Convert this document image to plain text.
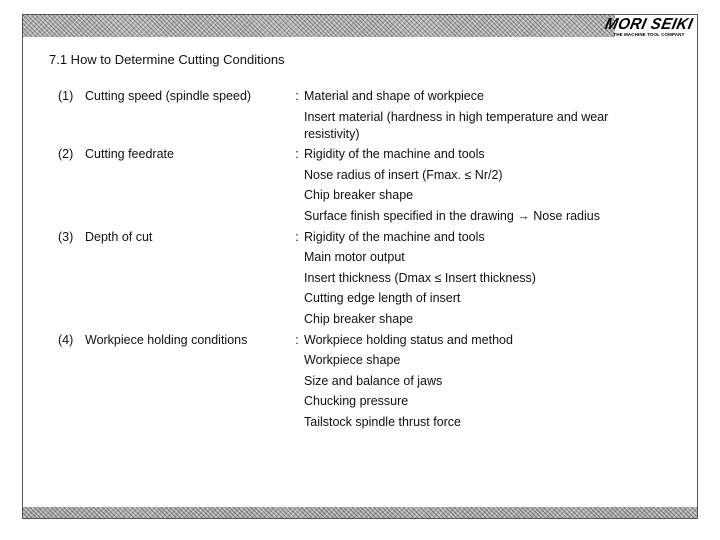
MORI SEIKI
THE MACHINE TOOL COMPANY
7.1 How to Determine Cutting Conditions
(1) Cutting speed (spindle speed)	: Material and shape of workpiece
Insert material (hardness in high temperature and wear resistivity)
(2) Cutting feedrate	: Rigidity of the machine and tools
Nose radius of insert (Fmax. ≤ Nr/2)
Chip breaker shape
Surface finish specified in the drawing → Nose radius
(3) Depth of cut	: Rigidity of the machine and tools
Main motor output
Insert thickness (Dmax ≤ Insert thickness)
Cutting edge length of insert
Chip breaker shape
(4) Workpiece holding conditions	: Workpiece holding status and method
Workpiece shape
Size and balance of jaws
Chucking pressure
Tailstock spindle thrust force
